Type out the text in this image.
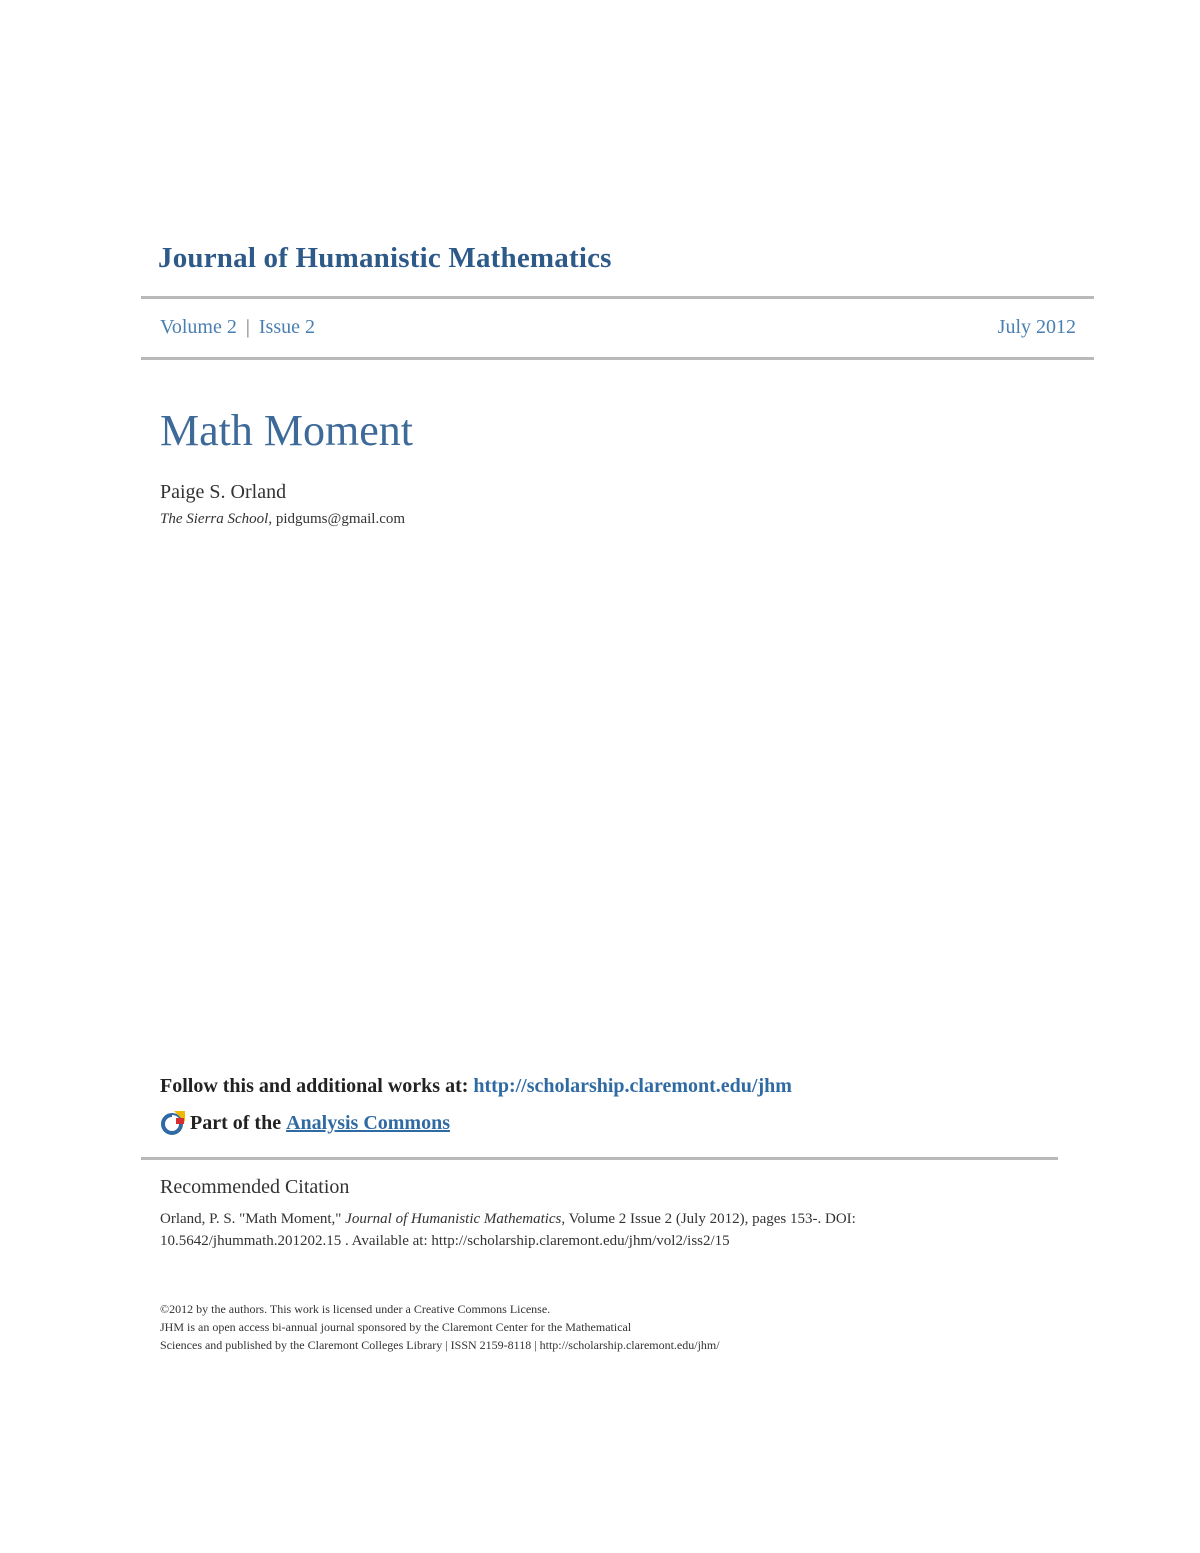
Journal of Humanistic Mathematics
Volume 2 | Issue 2	July 2012
Math Moment
Paige S. Orland
The Sierra School, pidgums@gmail.com
Follow this and additional works at: http://scholarship.claremont.edu/jhm
Part of the Analysis Commons
Recommended Citation
Orland, P. S. "Math Moment," Journal of Humanistic Mathematics, Volume 2 Issue 2 (July 2012), pages 153-. DOI: 10.5642/jhummath.201202.15 . Available at: http://scholarship.claremont.edu/jhm/vol2/iss2/15
©2012 by the authors. This work is licensed under a Creative Commons License.
JHM is an open access bi-annual journal sponsored by the Claremont Center for the Mathematical
Sciences and published by the Claremont Colleges Library | ISSN 2159-8118 | http://scholarship.claremont.edu/jhm/
